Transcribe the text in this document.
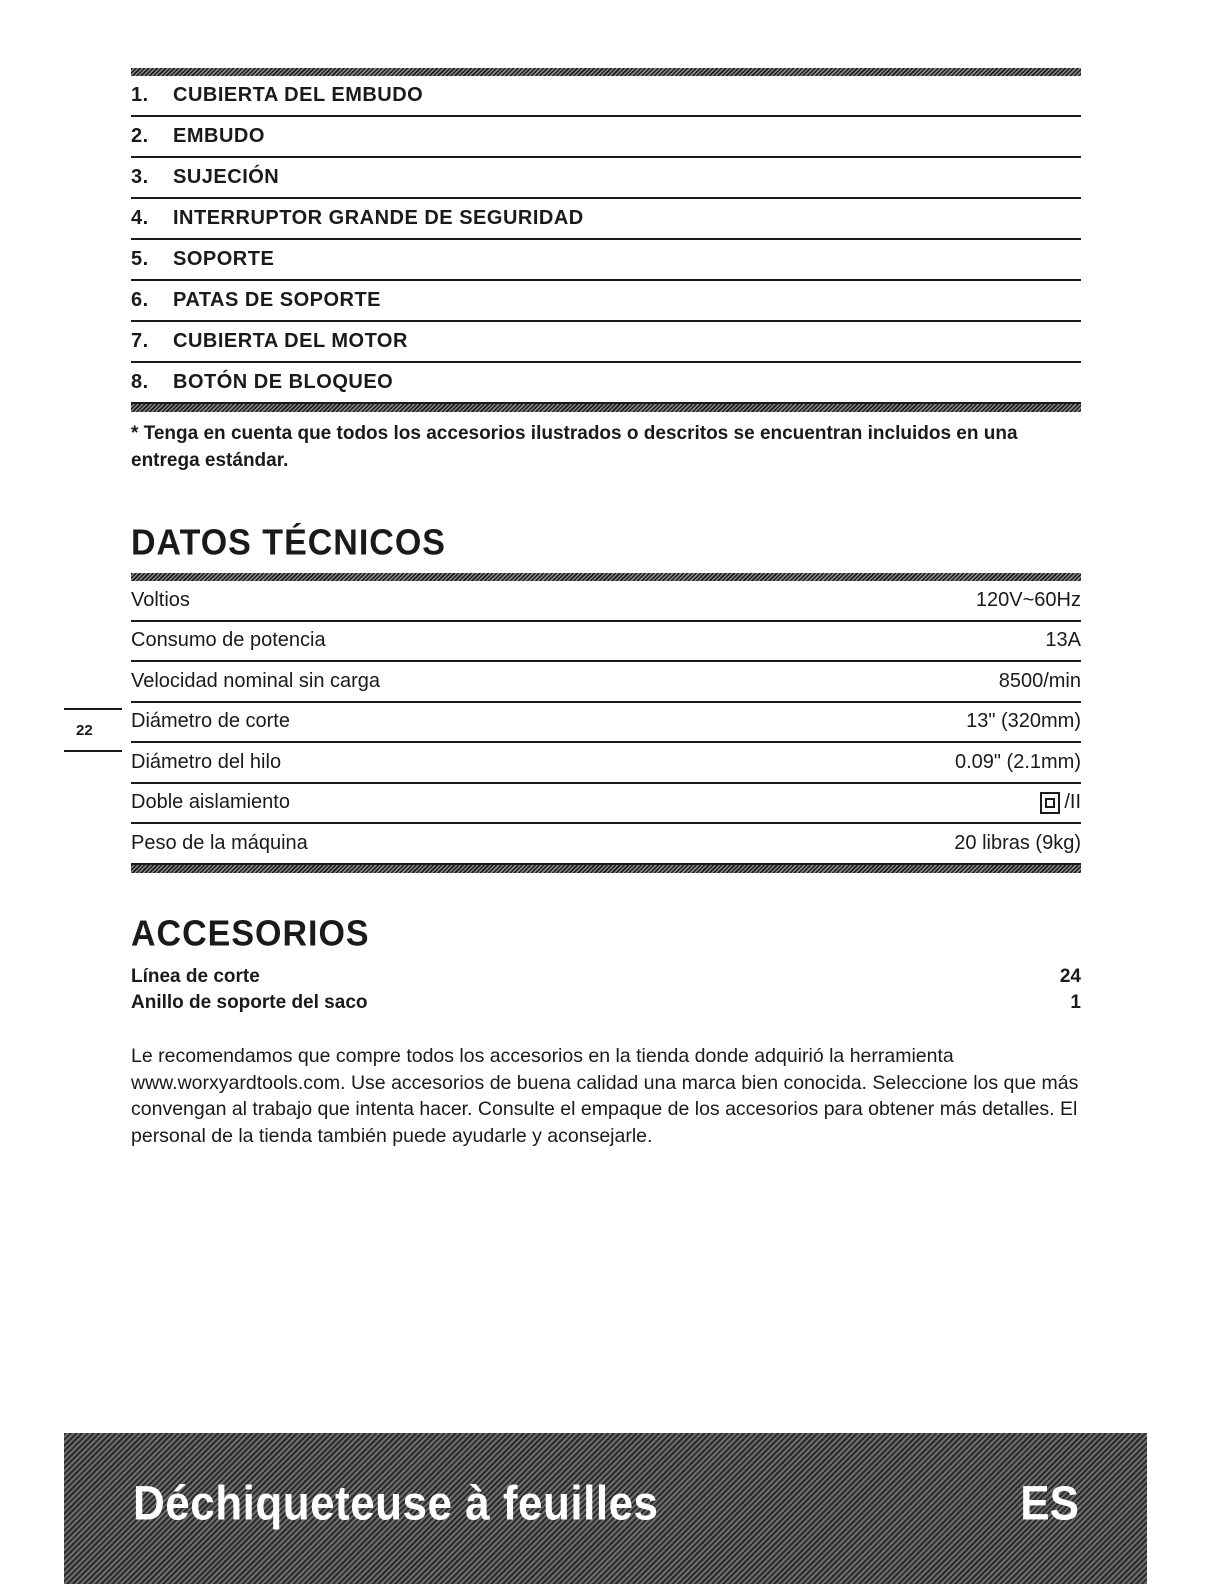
1.	CUBIERTA DEL EMBUDO
2.	EMBUDO
3.	SUJECIÓN
4.	INTERRUPTOR GRANDE DE SEGURIDAD
5.	SOPORTE
6.	PATAS DE SOPORTE
7.	CUBIERTA DEL MOTOR
8.	BOTÓN DE BLOQUEO
* Tenga en cuenta que todos los accesorios ilustrados o descritos se encuentran incluidos en una entrega estándar.
DATOS TÉCNICOS
Voltios	120V~60Hz
Consumo de potencia	13A
Velocidad nominal sin carga	8500/min
Diámetro de corte	13" (320mm)
Diámetro del hilo	0.09" (2.1mm)
Doble aislamiento	/II
Peso de la máquina	20 libras (9kg)
ACCESORIOS
Línea de corte	24
Anillo de soporte del saco	1
Le recomendamos que compre todos los accesorios en la tienda donde adquirió la herramienta www.worxyardtools.com. Use accesorios de buena calidad una marca bien conocida. Seleccione los que más convengan al trabajo que intenta hacer. Consulte el empaque de los accesorios para obtener más detalles. El personal de la tienda también puede ayudarle y aconsejarle.
22
Déchiqueteuse à feuilles	ES
